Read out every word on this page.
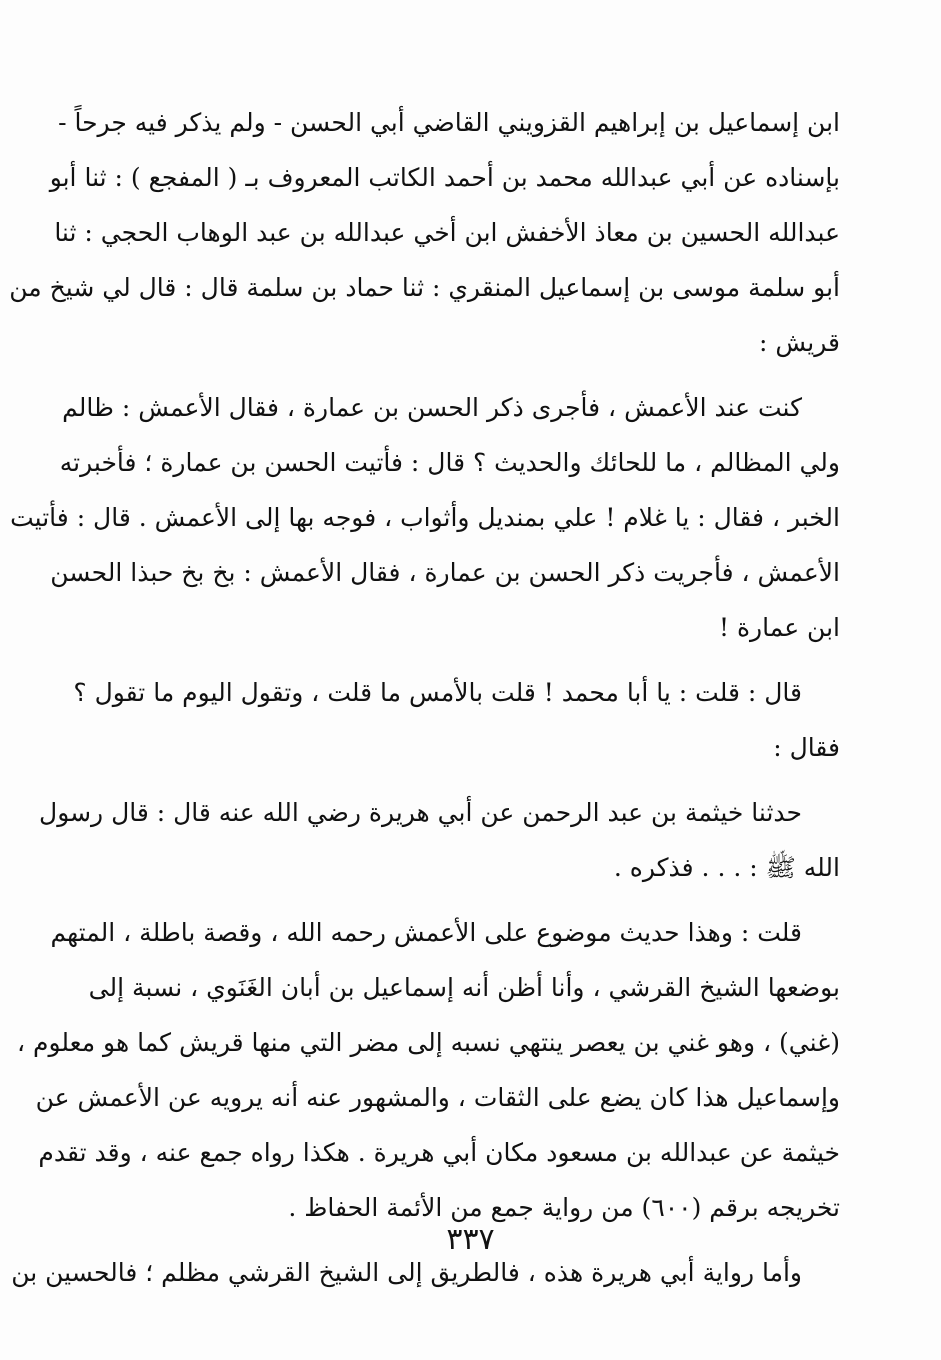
ابن إسماعيل بن إبراهيم القزويني القاضي أبي الحسن - ولم يذكر فيه جرحاً -
بإسناده عن أبي عبدالله محمد بن أحمد الكاتب المعروف بـ ( المفجع ) : ثنا أبو
عبدالله الحسين بن معاذ الأخفش ابن أخي عبدالله بن عبد الوهاب الحجي : ثنا
أبو سلمة موسى بن إسماعيل المنقري : ثنا حماد بن سلمة قال : قال لي شيخ من
قريش :
كنت عند الأعمش ، فأجرى ذكر الحسن بن عمارة ، فقال الأعمش : ظالم
ولي المظالم ، ما للحائك والحديث ؟ قال : فأتيت الحسن بن عمارة ؛ فأخبرته
الخبر ، فقال : يا غلام ! علي بمنديل وأثواب ، فوجه بها إلى الأعمش . قال : فأتيت
الأعمش ، فأجريت ذكر الحسن بن عمارة ، فقال الأعمش : بخ بخ حبذا الحسن
ابن عمارة !
قال : قلت : يا أبا محمد ! قلت بالأمس ما قلت ، وتقول اليوم ما تقول ؟
فقال :
حدثنا خيثمة بن عبد الرحمن عن أبي هريرة رضي الله عنه قال : قال رسول
الله ﷺ : . . . فذكره .
قلت : وهذا حديث موضوع على الأعمش رحمه الله ، وقصة باطلة ، المتهم
بوضعها الشيخ القرشي ، وأنا أظن أنه إسماعيل بن أبان الغَنَوي ، نسبة إلى
(غني) ، وهو غني بن يعصر ينتهي نسبه إلى مضر التي منها قريش كما هو معلوم ،
وإسماعيل هذا كان يضع على الثقات ، والمشهور عنه أنه يرويه عن الأعمش عن
خيثمة عن عبدالله بن مسعود مكان أبي هريرة . هكذا رواه جمع عنه ، وقد تقدم
تخريجه برقم (٦٠٠) من رواية جمع من الأئمة الحفاظ .
وأما رواية أبي هريرة هذه ، فالطريق إلى الشيخ القرشي مظلم ؛ فالحسين بن
٣٣٧
